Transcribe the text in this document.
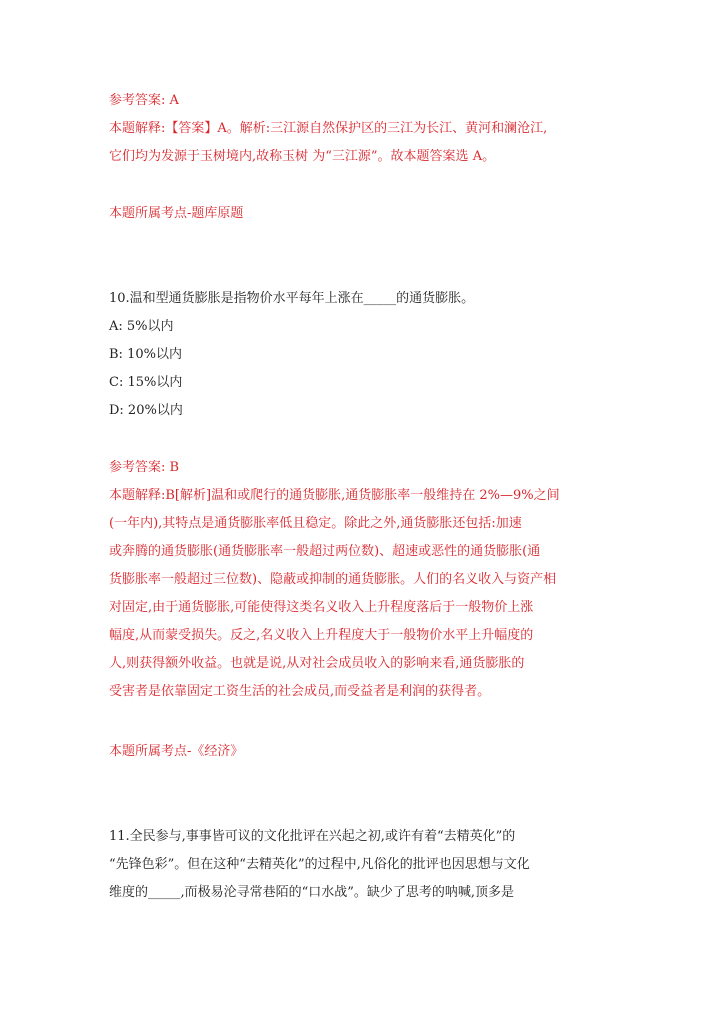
参考答案: A
本题解释:【答案】A。解析:三江源自然保护区的三江为长江、黄河和澜沧江,
它们均为发源于玉树境内,故称玉树 为“三江源”。故本题答案选 A。
本题所属考点-题库原题
10.温和型通货膨胀是指物价水平每年上涨在_____的通货膨胀。
A: 5%以内
B: 10%以内
C: 15%以内
D: 20%以内
参考答案: B
本题解释:B[解析]温和或爬行的通货膨胀,通货膨胀率一般维持在 2%—9%之间
(一年内),其特点是通货膨胀率低且稳定。除此之外,通货膨胀还包括:加速
或奔腾的通货膨胀(通货膨胀率一般超过两位数)、超速或恶性的通货膨胀(通
货膨胀率一般超过三位数)、隐蔽或抑制的通货膨胀。人们的名义收入与资产相
对固定,由于通货膨胀,可能使得这类名义收入上升程度落后于一般物价上涨
幅度,从而蒙受损失。反之,名义收入上升程度大于一般物价水平上升幅度的
人,则获得额外收益。也就是说,从对社会成员收入的影响来看,通货膨胀的
受害者是依靠固定工资生活的社会成员,而受益者是利润的获得者。
本题所属考点-《经济》
11.全民参与,事事皆可议的文化批评在兴起之初,或许有着“去精英化”的
“先锋色彩”。但在这种“去精英化”的过程中,凡俗化的批评也因思想与文化
维度的_____,而极易沦寻常巷陌的“口水战”。缺少了思考的呐喊,顶多是
